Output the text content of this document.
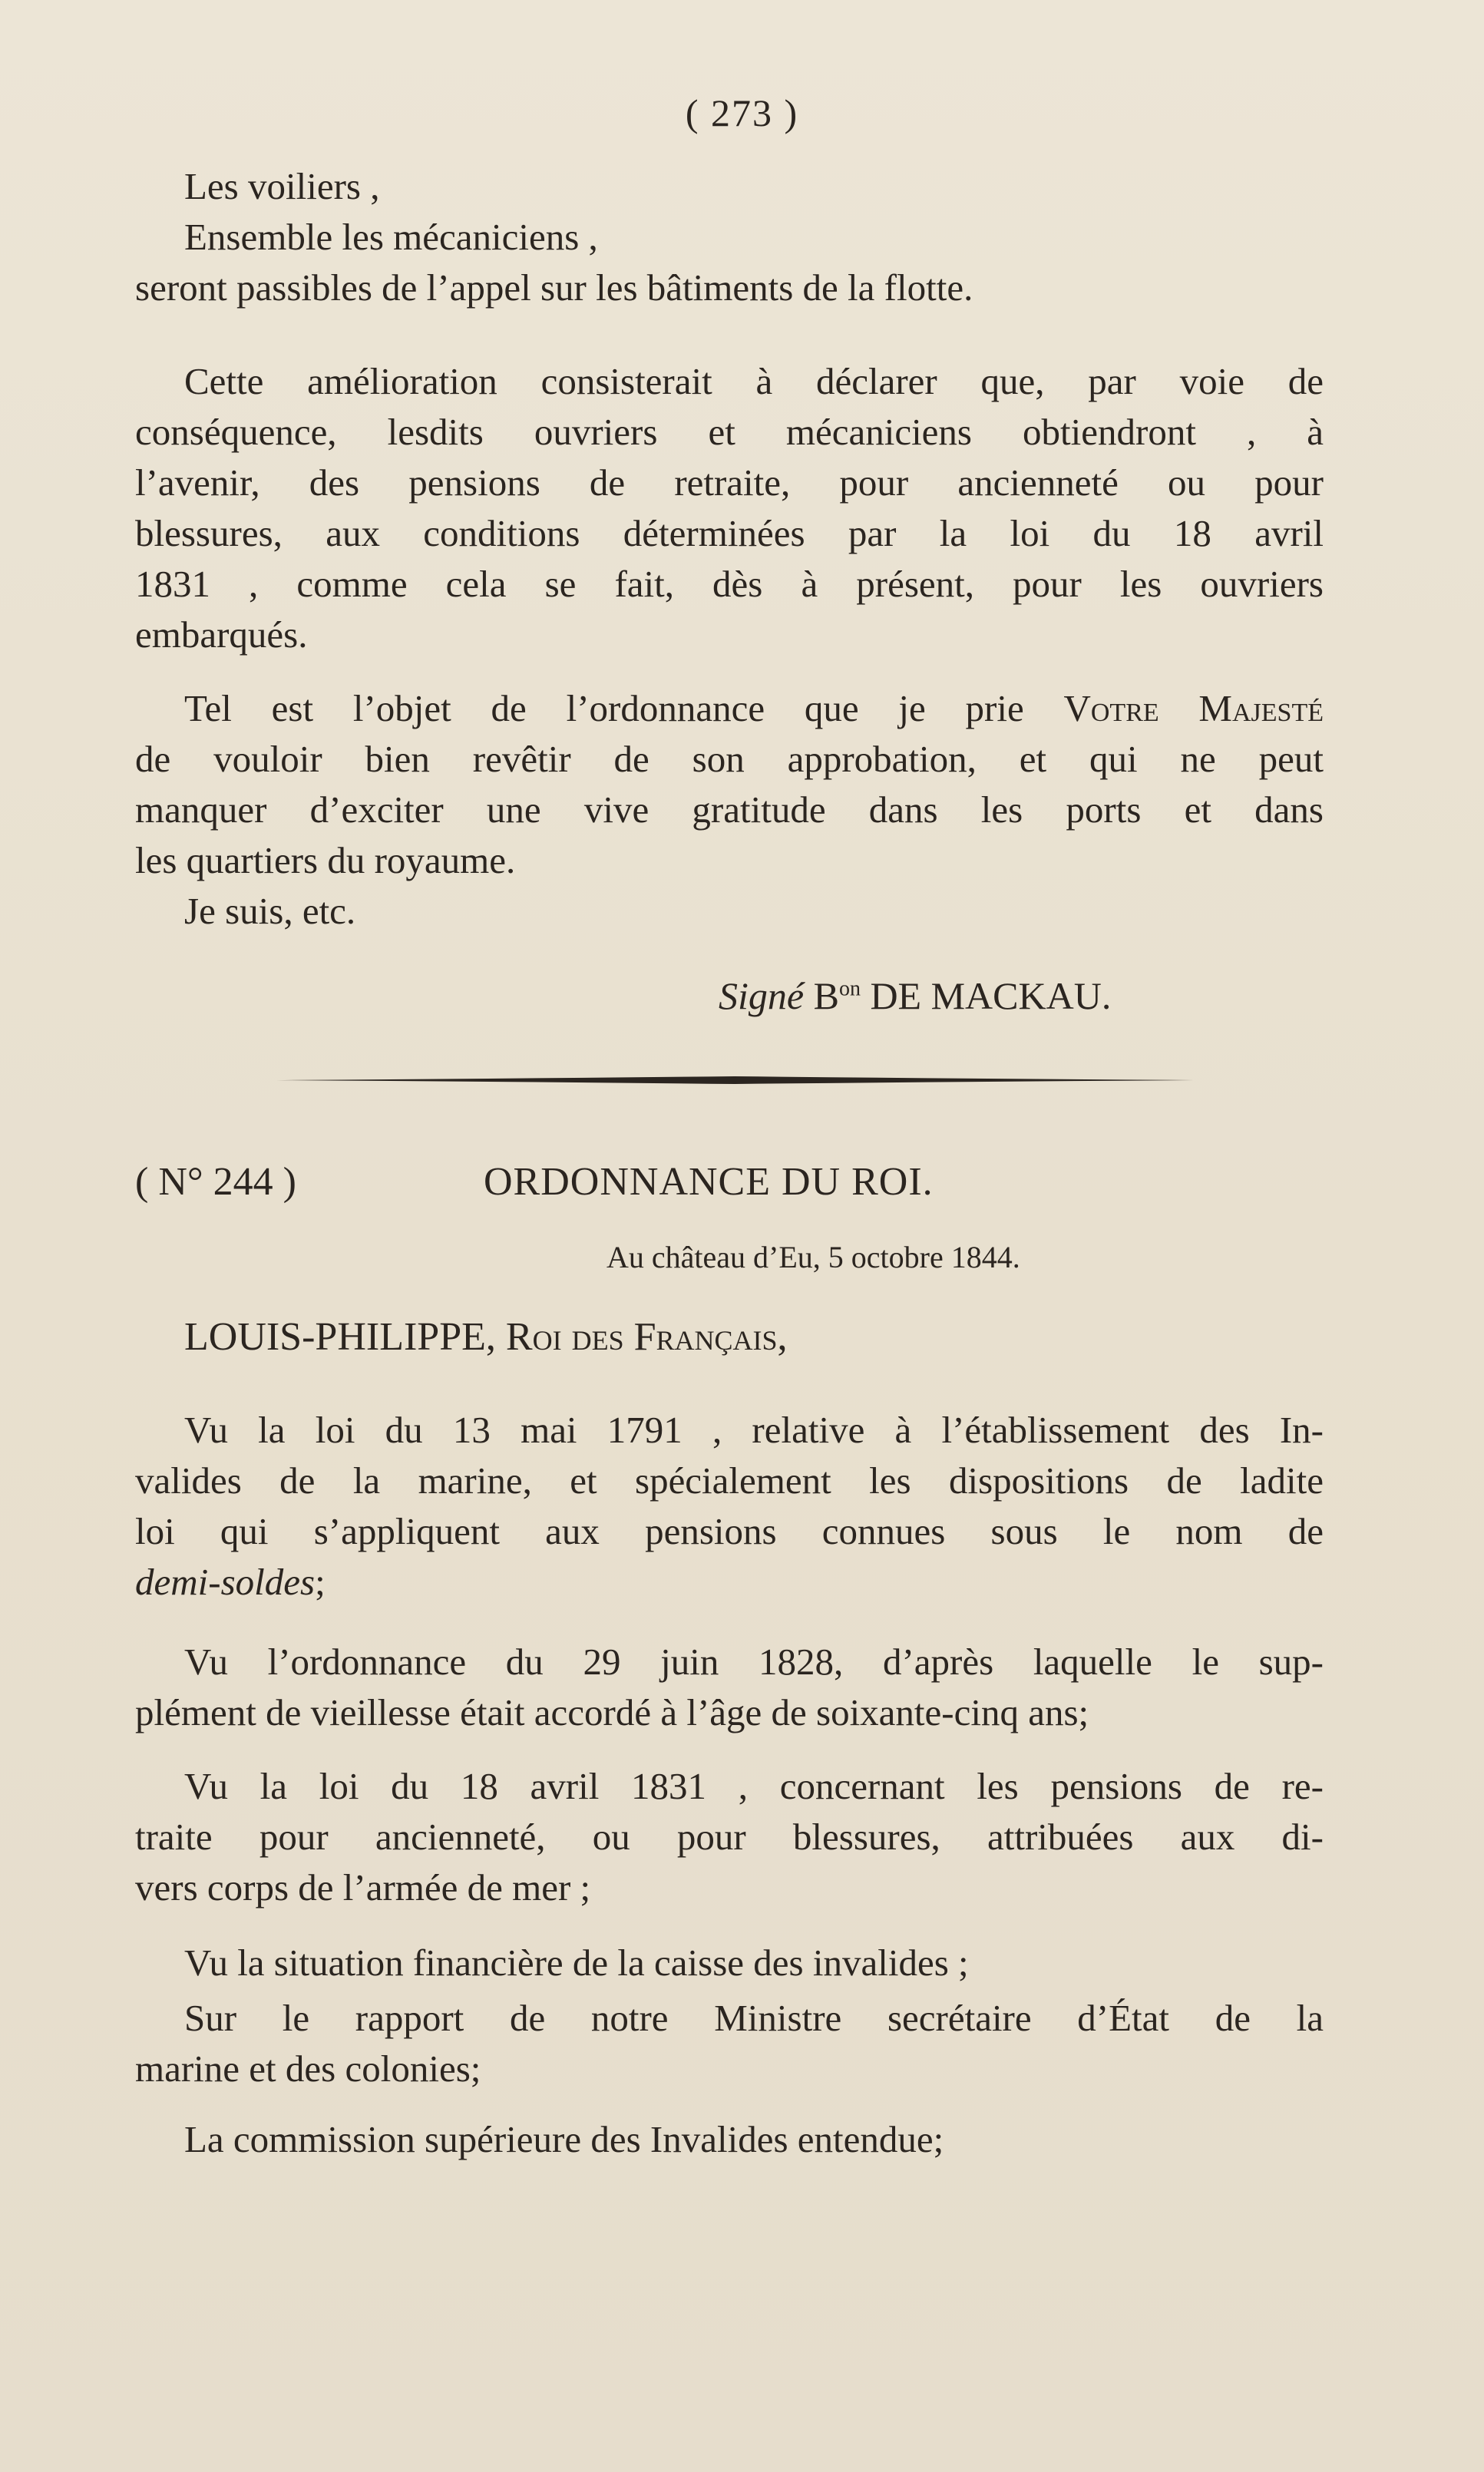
( 273 )

Les voiliers ,

Ensemble les mécaniciens ,

seront passibles de l’appel sur les bâtiments de la flotte.

Cette amélioration consisterait à déclarer que, par voie de

conséquence, lesdits ouvriers et mécaniciens obtiendront , à

l’avenir, des pensions de retraite, pour ancienneté ou pour

blessures, aux conditions déterminées par la loi du 18 avril

1831 , comme cela se fait, dès à présent, pour les ouvriers

embarqués.

Tel est l’objet de l’ordonnance que je prie Votre Majesté

de vouloir bien revêtir de son approbation, et qui ne peut

manquer d’exciter une vive gratitude dans les ports et dans

les quartiers du royaume.

Je suis, etc.

Signé $B^{on}$ DE MACKAU.
( N° 244 )	ORDONNANCE DU ROI.
Au château d’Eu, 5 octobre 1844.
LOUIS-PHILIPPE, Roi des Français,

Vu la loi du 13 mai 1791 , relative à l’établissement des In-

valides de la marine, et spécialement les dispositions de ladite

loi qui s’appliquent aux pensions connues sous le nom de

demi-soldes;

Vu l’ordonnance du 29 juin 1828, d’après laquelle le sup-

plément de vieillesse était accordé à l’âge de soixante-cinq ans;

Vu la loi du 18 avril 1831 , concernant les pensions de re-

traite pour ancienneté, ou pour blessures, attribuées aux di-

vers corps de l’armée de mer ;

Vu la situation financière de la caisse des invalides ;

Sur le rapport de notre Ministre secrétaire d’État de la

marine et des colonies;

La commission supérieure des Invalides entendue;
